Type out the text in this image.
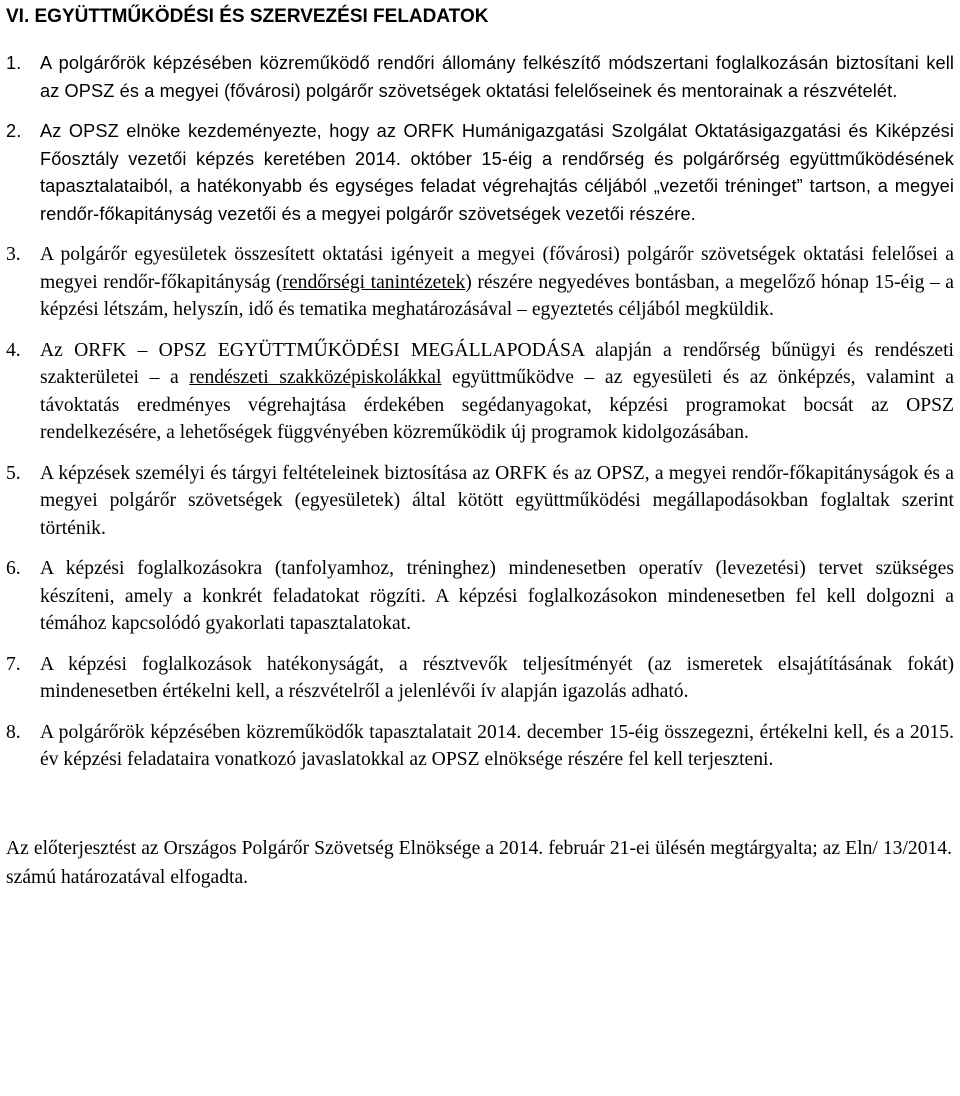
VI. EGYÜTTMŰKÖDÉSI ÉS SZERVEZÉSI FELADATOK

1. A polgárőrök képzésében közreműködő rendőri állomány felkészítő módszertani foglalkozásán biztosítani kell az OPSZ és a megyei (fővárosi) polgárőr szövetségek oktatási felelőseinek és mentorainak a részvételét.

2. Az OPSZ elnöke kezdeményezte, hogy az ORFK Humánigazgatási Szolgálat Oktatásigazgatási és Kiképzési Főosztály vezetői képzés keretében 2014. október 15-éig a rendőrség és polgárőrség együttműködésének tapasztalataiból, a hatékonyabb és egységes feladat végrehajtás céljából „vezetői tréninget” tartson, a megyei rendőr-főkapitányság vezetői és a megyei polgárőr szövetségek vezetői részére.

3. A polgárőr egyesületek összesített oktatási igényeit a megyei (fővárosi) polgárőr szövetségek oktatási felelősei a megyei rendőr-főkapitányság (rendőrségi tanintézetek) részére negyedéves bontásban, a megelőző hónap 15-éig – a képzési létszám, helyszín, idő és tematika meghatározásával – egyeztetés céljából megküldik.

4. Az ORFK – OPSZ EGYÜTTMŰKÖDÉSI MEGÁLLAPODÁSA alapján a rendőrség bűnügyi és rendészeti szakterületei – a rendészeti szakközépiskolákkal együttműködve – az egyesületi és az önképzés, valamint a távoktatás eredményes végrehajtása érdekében segédanyagokat, képzési programokat bocsát az OPSZ rendelkezésére, a lehetőségek függvényében közreműködik új programok kidolgozásában.

5. A képzések személyi és tárgyi feltételeinek biztosítása az ORFK és az OPSZ, a megyei rendőr-főkapitányságok és a megyei polgárőr szövetségek (egyesületek) által kötött együttműködési megállapodásokban foglaltak szerint történik.

6. A képzési foglalkozásokra (tanfolyamhoz, tréninghez) mindenesetben operatív (levezetési) tervet szükséges készíteni, amely a konkrét feladatokat rögzíti. A képzési foglalkozásokon mindenesetben fel kell dolgozni a témához kapcsolódó gyakorlati tapasztalatokat.

7. A képzési foglalkozások hatékonyságát, a résztvevők teljesítményét (az ismeretek elsajátításának fokát) mindenesetben értékelni kell, a részvételről a jelenlévői ív alapján igazolás adható.

8. A polgárőrök képzésében közreműködők tapasztalatait 2014. december 15-éig összegezni, értékelni kell, és a 2015. év képzési feladataira vonatkozó javaslatokkal az OPSZ elnöksége részére fel kell terjeszteni.

Az előterjesztést az Országos Polgárőr Szövetség Elnöksége a 2014. február 21-ei ülésén megtárgyalta; az Eln/ 13/2014. számú határozatával elfogadta.
